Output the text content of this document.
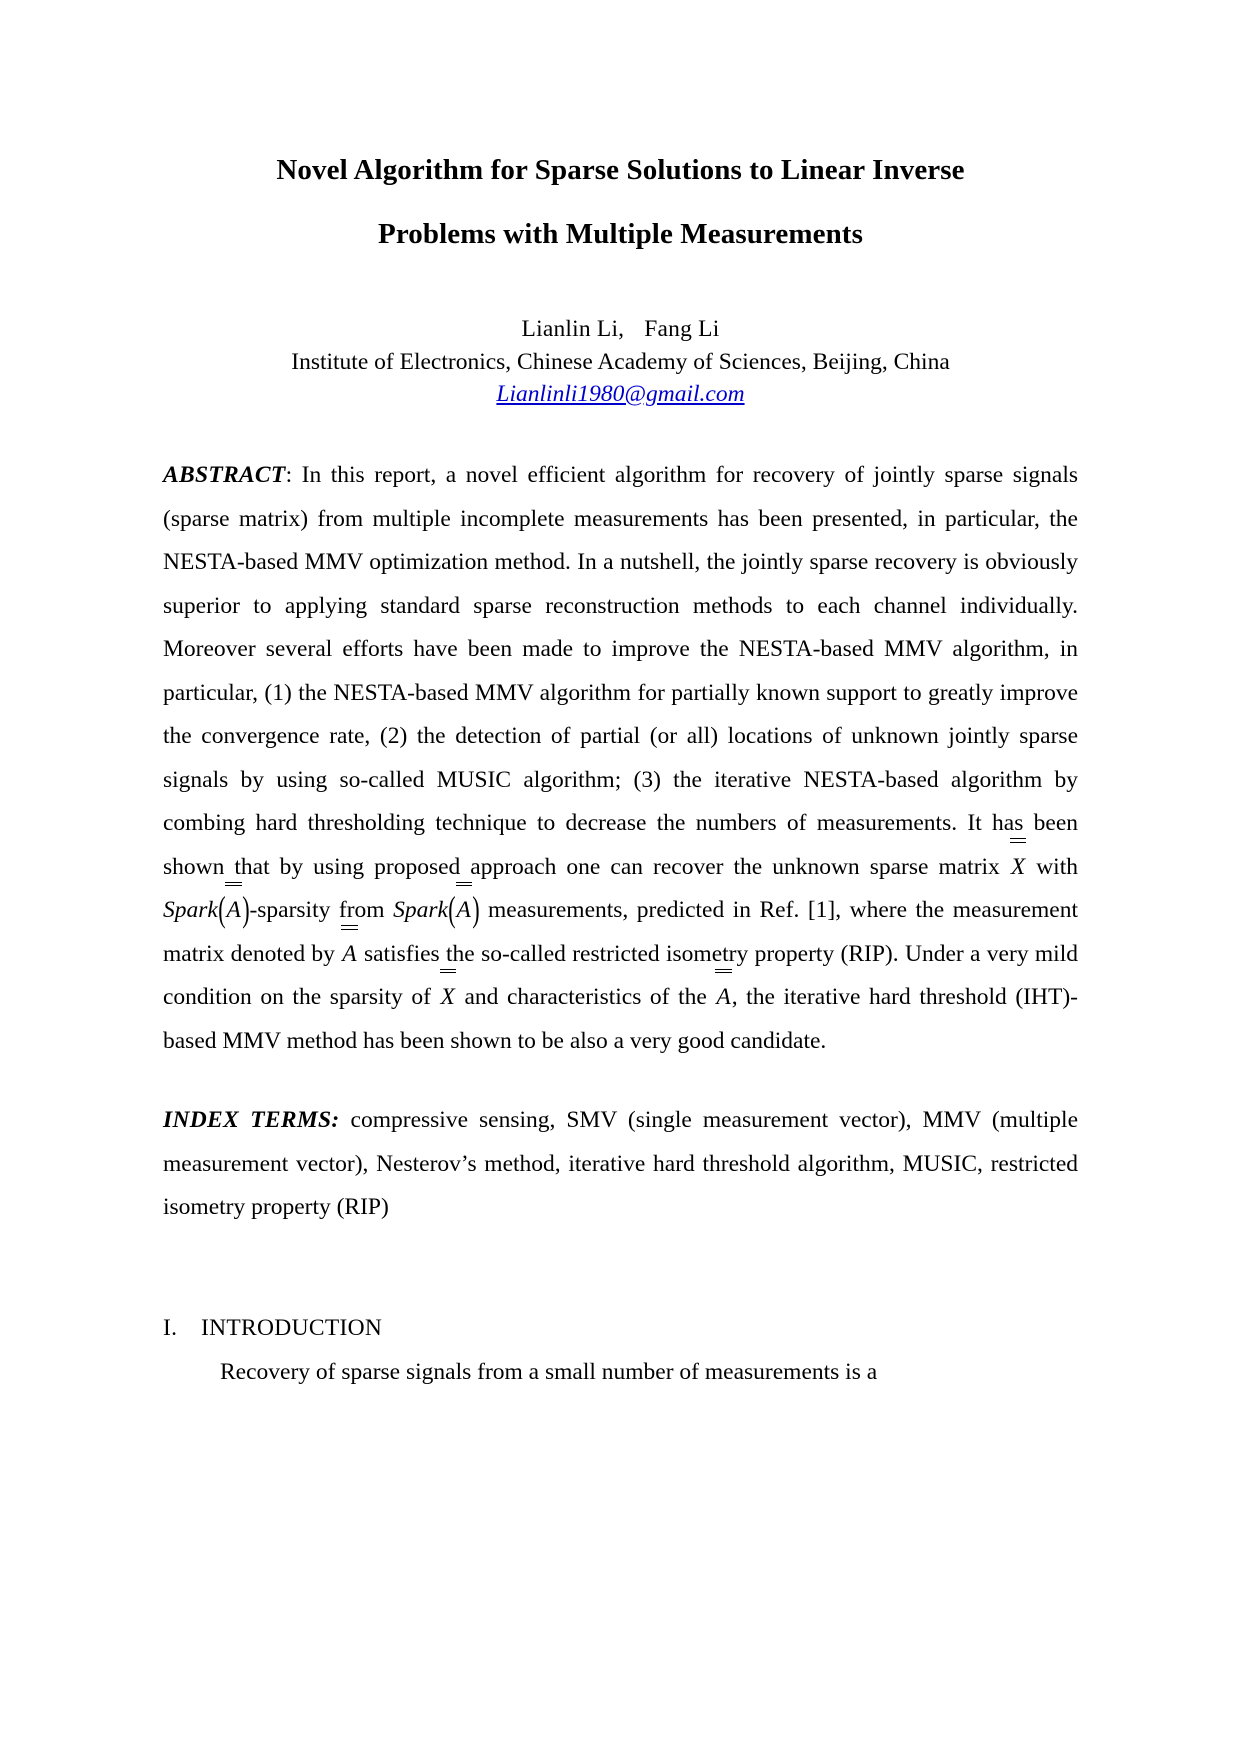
Novel Algorithm for Sparse Solutions to Linear Inverse
Problems with Multiple Measurements
Lianlin Li, Fang Li
Institute of Electronics, Chinese Academy of Sciences, Beijing, China
Lianlinli1980@gmail.com

ABSTRACT: In this report, a novel efficient algorithm for recovery of jointly sparse signals (sparse matrix) from multiple incomplete measurements has been presented, in particular, the NESTA-based MMV optimization method. In a nutshell, the jointly sparse recovery is obviously superior to applying standard sparse reconstruction methods to each channel individually. Moreover several efforts have been made to improve the NESTA-based MMV algorithm, in particular, (1) the NESTA-based MMV algorithm for partially known support to greatly improve the convergence rate, (2) the detection of partial (or all) locations of unknown jointly sparse signals by using so-called MUSIC algorithm; (3) the iterative NESTA-based algorithm by combing hard thresholding technique to decrease the numbers of measurements. It has been shown that by using proposed approach one can recover the unknown sparse matrix X with Spark(A)-sparsity from Spark(A) measurements, predicted in Ref. [1], where the measurement matrix denoted by A satisfies the so-called restricted isometry property (RIP). Under a very mild condition on the sparsity of X and characteristics of the A, the iterative hard threshold (IHT)-based MMV method has been shown to be also a very good candidate.

INDEX TERMS: compressive sensing, SMV (single measurement vector), MMV (multiple measurement vector), Nesterov’s method, iterative hard threshold algorithm, MUSIC, restricted isometry property (RIP)

I. INTRODUCTION
Recovery of sparse signals from a small number of measurements is a
